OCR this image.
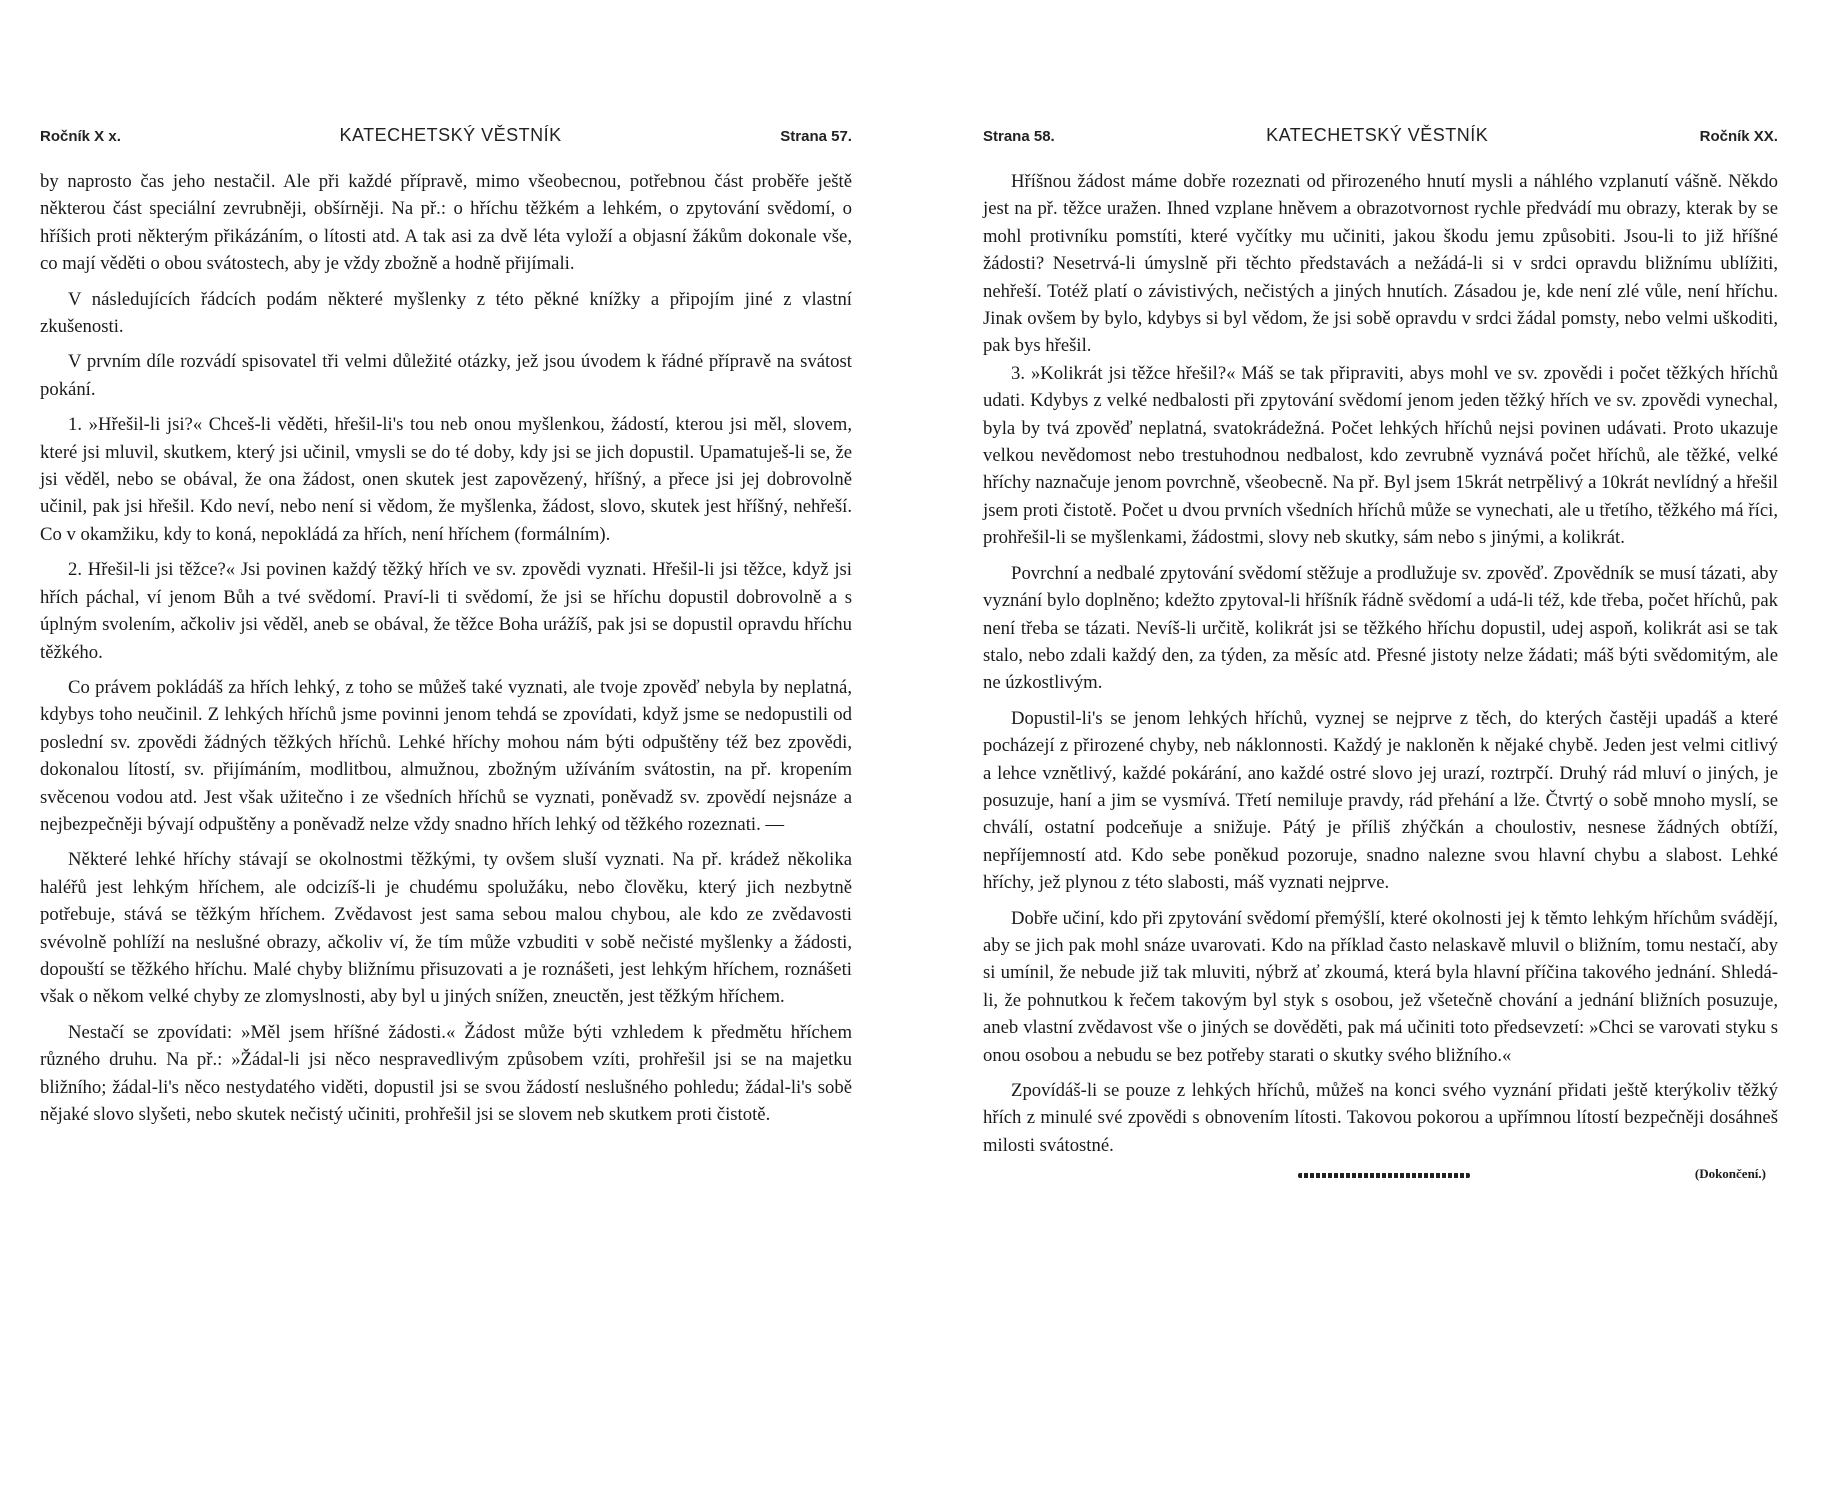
Ročník X x.	KATECHETSKÝ VĚSTNÍK	Strana 57.

by naprosto čas jeho nestačil. Ale při každé přípravě, mimo všeobecnou, potřebnou část proběře ještě některou část speciální zevrubněji, obšírněji. Na př.: o hříchu těžkém a lehkém, o zpytování svědomí, o hříšich proti některým přikázáním, o lítosti atd. A tak asi za dvě léta vyloží a objasní žákům dokonale vše, co mají věděti o obou svátostech, aby je vždy zbožně a hodně přijímali.

V následujících řádcích podám některé myšlenky z této pěkné knížky a připojím jiné z vlastní zkušenosti.

V prvním díle rozvádí spisovatel tři velmi důležité otázky, jež jsou úvodem k řádné přípravě na svátost pokání.

1. »Hřešil-li jsi?« Chceš-li věděti, hřešil-li's tou neb onou myšlenkou, žádostí, kterou jsi měl, slovem, které jsi mluvil, skutkem, který jsi učinil, vmysli se do té doby, kdy jsi se jich dopustil. Upamatuješ-li se, že jsi věděl, nebo se obával, že ona žádost, onen skutek jest zapovězený, hříšný, a přece jsi jej dobrovolně učinil, pak jsi hřešil. Kdo neví, nebo není si vědom, že myšlenka, žádost, slovo, skutek jest hříšný, nehřeší. Co v okamžiku, kdy to koná, nepokládá za hřích, není hříchem (formálním).

2. Hřešil-li jsi těžce?« Jsi povinen každý těžký hřích ve sv. zpovědi vyznati. Hřešil-li jsi těžce, když jsi hřích páchal, ví jenom Bůh a tvé svědomí. Praví-li ti svědomí, že jsi se hříchu dopustil dobrovolně a s úplným svolením, ačkoliv jsi věděl, aneb se obával, že těžce Boha urážíš, pak jsi se dopustil opravdu hříchu těžkého.

Co právem pokládáš za hřích lehký, z toho se můžeš také vyznati, ale tvoje zpověď nebyla by neplatná, kdybys toho neučinil. Z lehkých hříchů jsme povinni jenom tehdá se zpovídati, když jsme se nedopustili od poslední sv. zpovědi žádných těžkých hříchů. Lehké hříchy mohou nám býti odpuštěny též bez zpovědi, dokonalou lítostí, sv. přijímáním, modlitbou, almužnou, zbožným užíváním svátostin, na př. kropením svěcenou vodou atd. Jest však užitečno i ze všedních hříchů se vyznati, poněvadž sv. zpovědí nejsnáze a nejbezpečněji bývají odpuštěny a poněvadž nelze vždy snadno hřích lehký od těžkého rozeznati. —

Některé lehké hříchy stávají se okolnostmi těžkými, ty ovšem sluší vyznati. Na př. krádež několika haléřů jest lehkým hříchem, ale odcizíš-li je chudému spolužáku, nebo člověku, který jich nezbytně potřebuje, stává se těžkým hříchem. Zvědavost jest sama sebou malou chybou, ale kdo ze zvědavosti svévolně pohlíží na neslušné obrazy, ačkoliv ví, že tím může vzbuditi v sobě nečisté myšlenky a žádosti, dopouští se těžkého hříchu. Malé chyby bližnímu přisuzovati a je roznášeti, jest lehkým hříchem, roznášeti však o někom velké chyby ze zlomyslnosti, aby byl u jiných snížen, zneuctěn, jest těžkým hříchem.

Nestačí se zpovídati: »Měl jsem hříšné žádosti.« Žádost může býti vzhledem k předmětu hříchem různého druhu. Na př.: »Žádal-li jsi něco nespravedlivým způsobem vzíti, prohřešil jsi se na majetku bližního; žádal-li's něco nestydatého viděti, dopustil jsi se svou žádostí neslušného pohledu; žádal-li's sobě nějaké slovo slyšeti, nebo skutek nečistý učiniti, prohřešil jsi se slovem neb skutkem proti čistotě.

Strana 58.	KATECHETSKÝ VĚSTNÍK	Ročník XX.

Hříšnou žádost máme dobře rozeznati od přirozeného hnutí mysli a náhlého vzplanutí vášně. Někdo jest na př. těžce uražen. Ihned vzplane hněvem a obrazotvornost rychle předvádí mu obrazy, kterak by se mohl protivníku pomstíti, které vyčítky mu učiniti, jakou škodu jemu způsobiti. Jsou-li to již hříšné žádosti? Nesetrvá-li úmyslně při těchto představách a nežádá-li si v srdci opravdu bližnímu ublížiti, nehřeší. Totéž platí o závistivých, nečistých a jiných hnutích. Zásadou je, kde není zlé vůle, není hříchu. Jinak ovšem by bylo, kdybys si byl vědom, že jsi sobě opravdu v srdci žádal pomsty, nebo velmi uškoditi, pak bys hřešil.

3. »Kolikrát jsi těžce hřešil?« Máš se tak připraviti, abys mohl ve sv. zpovědi i počet těžkých hříchů udati. Kdybys z velké nedbalosti při zpytování svědomí jenom jeden těžký hřích ve sv. zpovědi vynechal, byla by tvá zpověď neplatná, svatokrádežná. Počet lehkých hříchů nejsi povinen udávati. Proto ukazuje velkou nevědomost nebo trestuhodnou nedbalost, kdo zevrubně vyznává počet hříchů, ale těžké, velké hříchy naznačuje jenom povrchně, všeobecně. Na př. Byl jsem 15krát netrpělivý a 10krát nevlídný a hřešil jsem proti čistotě. Počet u dvou prvních všedních hříchů může se vynechati, ale u třetího, těžkého má říci, prohřešil-li se myšlenkami, žádostmi, slovy neb skutky, sám nebo s jinými, a kolikrát.

Povrchní a nedbalé zpytování svědomí stěžuje a prodlužuje sv. zpověď. Zpovědník se musí tázati, aby vyznání bylo doplněno; kdežto zpytoval-li hříšník řádně svědomí a udá-li též, kde třeba, počet hříchů, pak není třeba se tázati. Nevíš-li určitě, kolikrát jsi se těžkého hříchu dopustil, udej aspoň, kolikrát asi se tak stalo, nebo zdali každý den, za týden, za měsíc atd. Přesné jistoty nelze žádati; máš býti svědomitým, ale ne úzkostlivým.

Dopustil-li's se jenom lehkých hříchů, vyznej se nejprve z těch, do kterých častěji upadáš a které pocházejí z přirozené chyby, neb náklonnosti. Každý je nakloněn k nějaké chybě. Jeden jest velmi citlivý a lehce vznětlivý, každé pokárání, ano každé ostré slovo jej urazí, roztrpčí. Druhý rád mluví o jiných, je posuzuje, haní a jim se vysmívá. Třetí nemiluje pravdy, rád přehání a lže. Čtvrtý o sobě mnoho myslí, se chválí, ostatní podceňuje a snižuje. Pátý je příliš zhýčkán a choulostiv, nesnese žádných obtíží, nepříjemností atd. Kdo sebe poněkud pozoruje, snadno nalezne svou hlavní chybu a slabost. Lehké hříchy, jež plynou z této slabosti, máš vyznati nejprve.

Dobře učiní, kdo při zpytování svědomí přemýšlí, které okolnosti jej k těmto lehkým hříchům svádějí, aby se jich pak mohl snáze uvarovati. Kdo na příklad často nelaskavě mluvil o bližním, tomu nestačí, aby si umínil, že nebude již tak mluviti, nýbrž ať zkoumá, která byla hlavní příčina takového jednání. Shledá-li, že pohnutkou k řečem takovým byl styk s osobou, jež všetečně chování a jednání bližních posuzuje, aneb vlastní zvědavost vše o jiných se dověděti, pak má učiniti toto předsevzetí: »Chci se varovati styku s onou osobou a nebudu se bez potřeby starati o skutky svého bližního.«

Zpovídáš-li se pouze z lehkých hříchů, můžeš na konci svého vyznání přidati ještě kterýkoliv těžký hřích z minulé své zpovědi s obnovením lítosti. Takovou pokorou a upřímnou lítostí bezpečněji dosáhneš milosti svátostné.

(Dokončení.)
